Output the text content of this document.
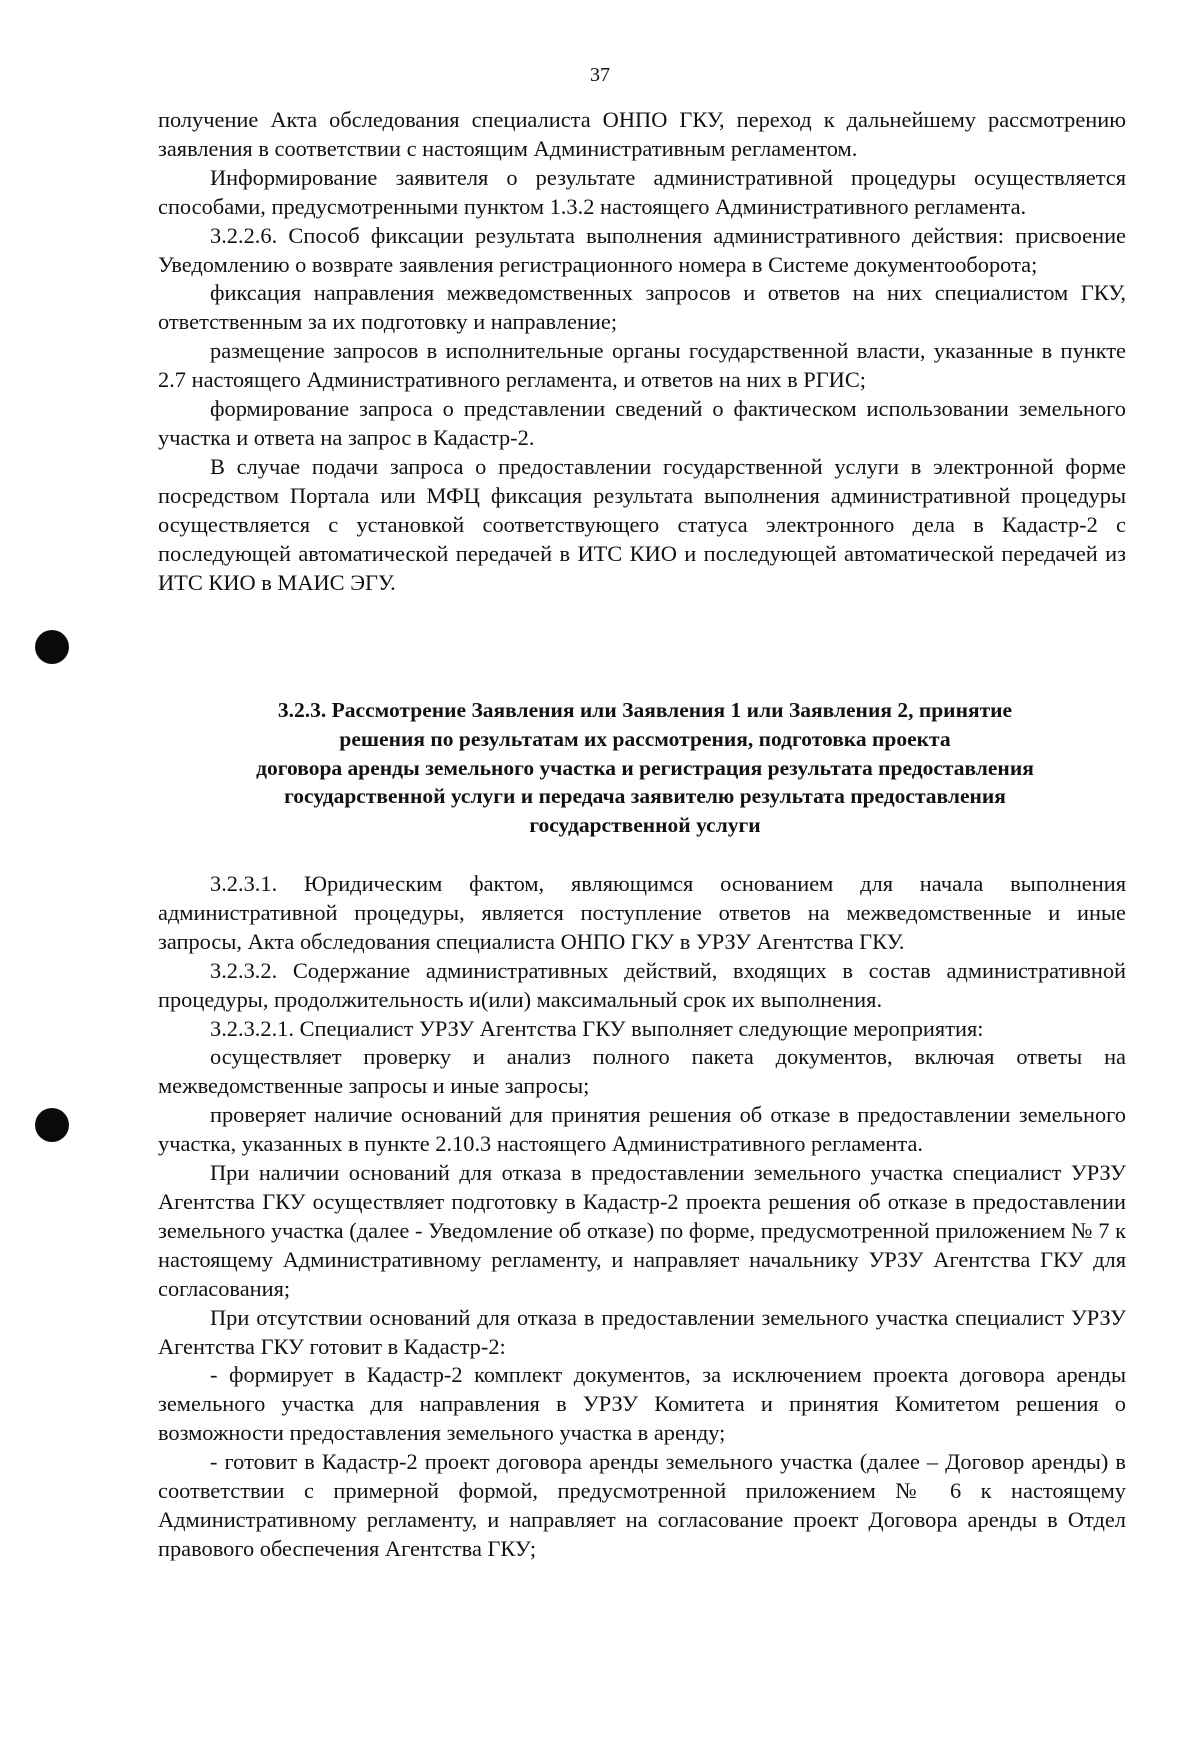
37

получение Акта обследования специалиста ОНПО ГКУ, переход к дальнейшему рассмотрению заявления в соответствии с настоящим Административным регламентом.

Информирование заявителя о результате административной процедуры осуществляется способами, предусмотренными пунктом 1.3.2 настоящего Административного регламента.

3.2.2.6. Способ фиксации результата выполнения административного действия: присвоение Уведомлению о возврате заявления регистрационного номера в Системе документооборота;

фиксация направления межведомственных запросов и ответов на них специалистом ГКУ, ответственным за их подготовку и направление;

размещение запросов в исполнительные органы государственной власти, указанные в пункте 2.7 настоящего Административного регламента, и ответов на них в РГИС;

формирование запроса о представлении сведений о фактическом использовании земельного участка и ответа на запрос в Кадастр-2.

В случае подачи запроса о предоставлении государственной услуги в электронной форме посредством Портала или МФЦ фиксация результата выполнения административной процедуры осуществляется с установкой соответствующего статуса электронного дела в Кадастр-2 с последующей автоматической передачей в ИТС КИО и последующей автоматической передачей из ИТС КИО в МАИС ЭГУ.

3.2.3. Рассмотрение Заявления или Заявления 1 или Заявления 2, принятие
решения по результатам их рассмотрения, подготовка проекта
договора аренды земельного участка и регистрация результата предоставления
государственной услуги и передача заявителю результата предоставления
государственной услуги

3.2.3.1. Юридическим фактом, являющимся основанием для начала выполнения административной процедуры, является поступление ответов на межведомственные и иные запросы, Акта обследования специалиста ОНПО ГКУ в УРЗУ Агентства ГКУ.

3.2.3.2. Содержание административных действий, входящих в состав административной процедуры, продолжительность и(или) максимальный срок их выполнения.

3.2.3.2.1. Специалист УРЗУ Агентства ГКУ выполняет следующие мероприятия:

осуществляет проверку и анализ полного пакета документов, включая ответы на межведомственные запросы и иные запросы;

проверяет наличие оснований для принятия решения об отказе в предоставлении земельного участка, указанных в пункте 2.10.3 настоящего Административного регламента.

При наличии оснований для отказа в предоставлении земельного участка специалист УРЗУ Агентства ГКУ осуществляет подготовку в Кадастр-2 проекта решения об отказе в предоставлении земельного участка (далее - Уведомление об отказе) по форме, предусмотренной приложением № 7 к настоящему Административному регламенту, и направляет начальнику УРЗУ Агентства ГКУ для согласования;

При отсутствии оснований для отказа в предоставлении земельного участка специалист УРЗУ Агентства ГКУ готовит в Кадастр-2:

- формирует в Кадастр-2 комплект документов, за исключением проекта договора аренды земельного участка для направления в УРЗУ Комитета и принятия Комитетом решения о возможности предоставления земельного участка в аренду;

- готовит в Кадастр-2 проект договора аренды земельного участка (далее – Договор аренды) в соответствии с примерной формой, предусмотренной приложением № 6 к настоящему Административному регламенту, и направляет на согласование проект Договора аренды в Отдел правового обеспечения Агентства ГКУ;
